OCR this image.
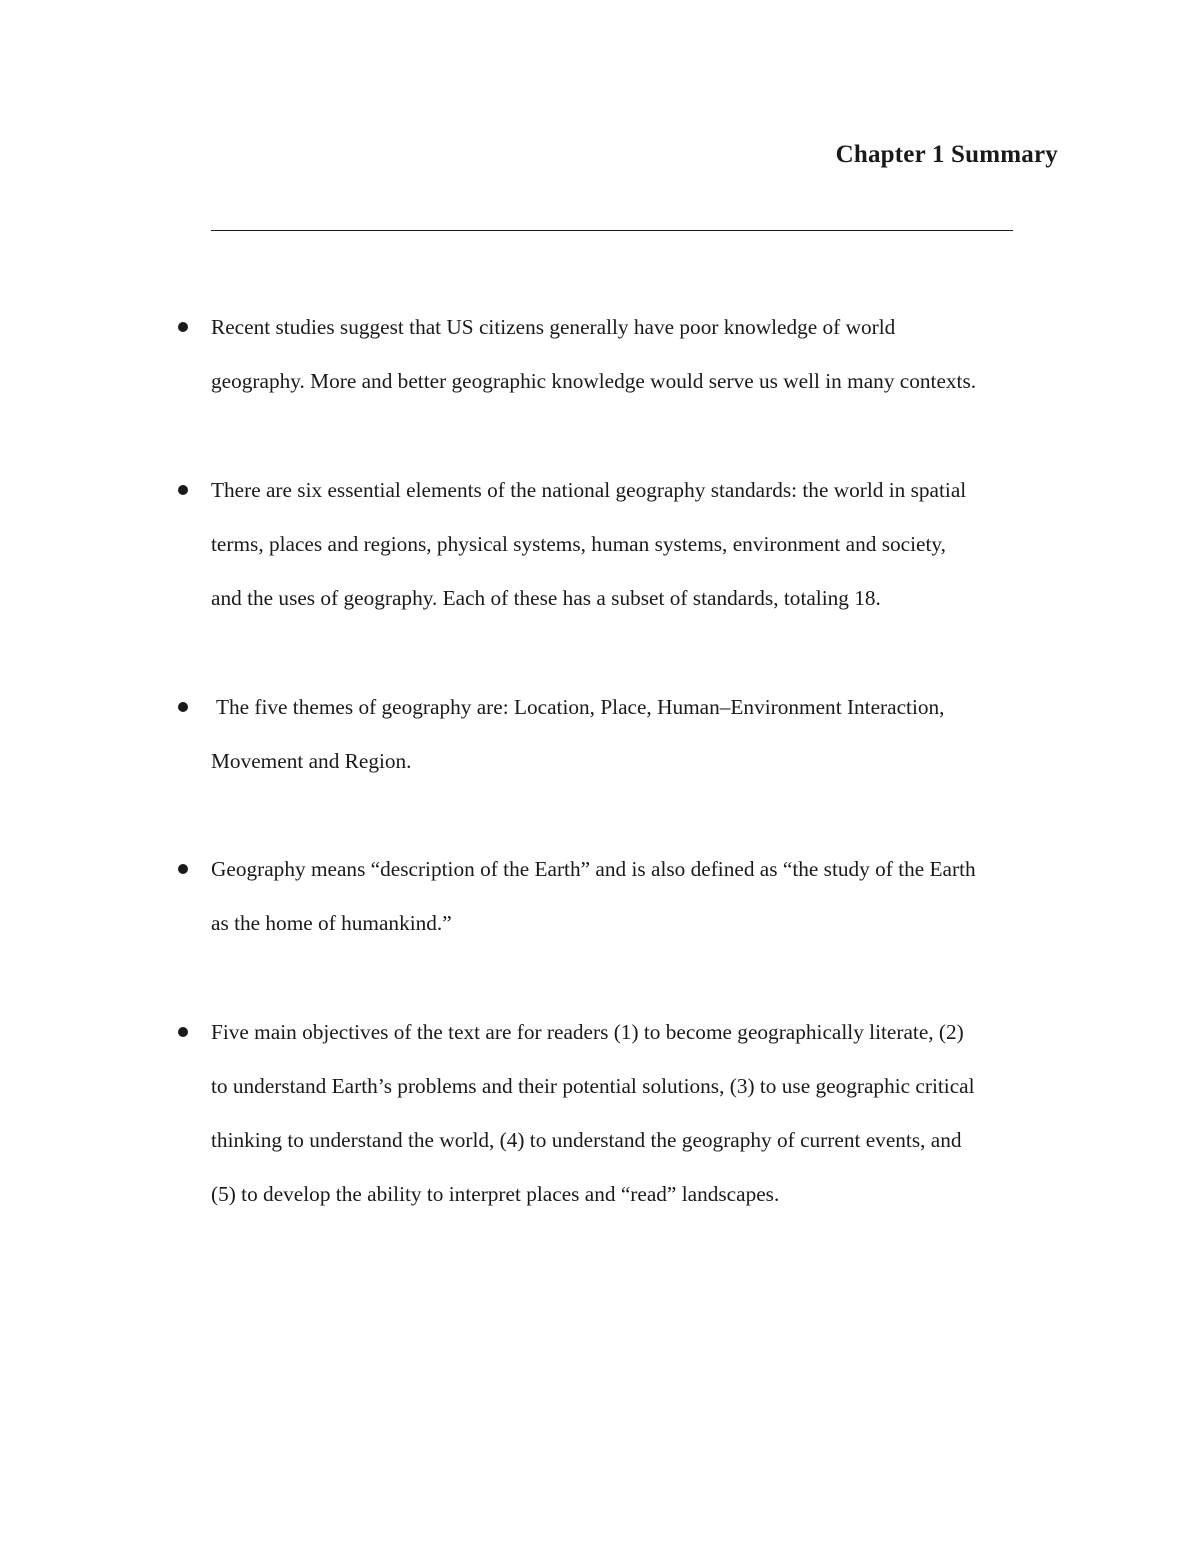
Chapter 1 Summary
Recent studies suggest that US citizens generally have poor knowledge of world
geography. More and better geographic knowledge would serve us well in many contexts.
There are six essential elements of the national geography standards: the world in spatial
terms, places and regions, physical systems, human systems, environment and society,
and the uses of geography. Each of these has a subset of standards, totaling 18.
The five themes of geography are: Location, Place, Human–Environment Interaction,
Movement and Region.
Geography means “description of the Earth” and is also defined as “the study of the Earth
as the home of humankind.”
Five main objectives of the text are for readers (1) to become geographically literate, (2)
to understand Earth’s problems and their potential solutions, (3) to use geographic critical
thinking to understand the world, (4) to understand the geography of current events, and
(5) to develop the ability to interpret places and “read” landscapes.
